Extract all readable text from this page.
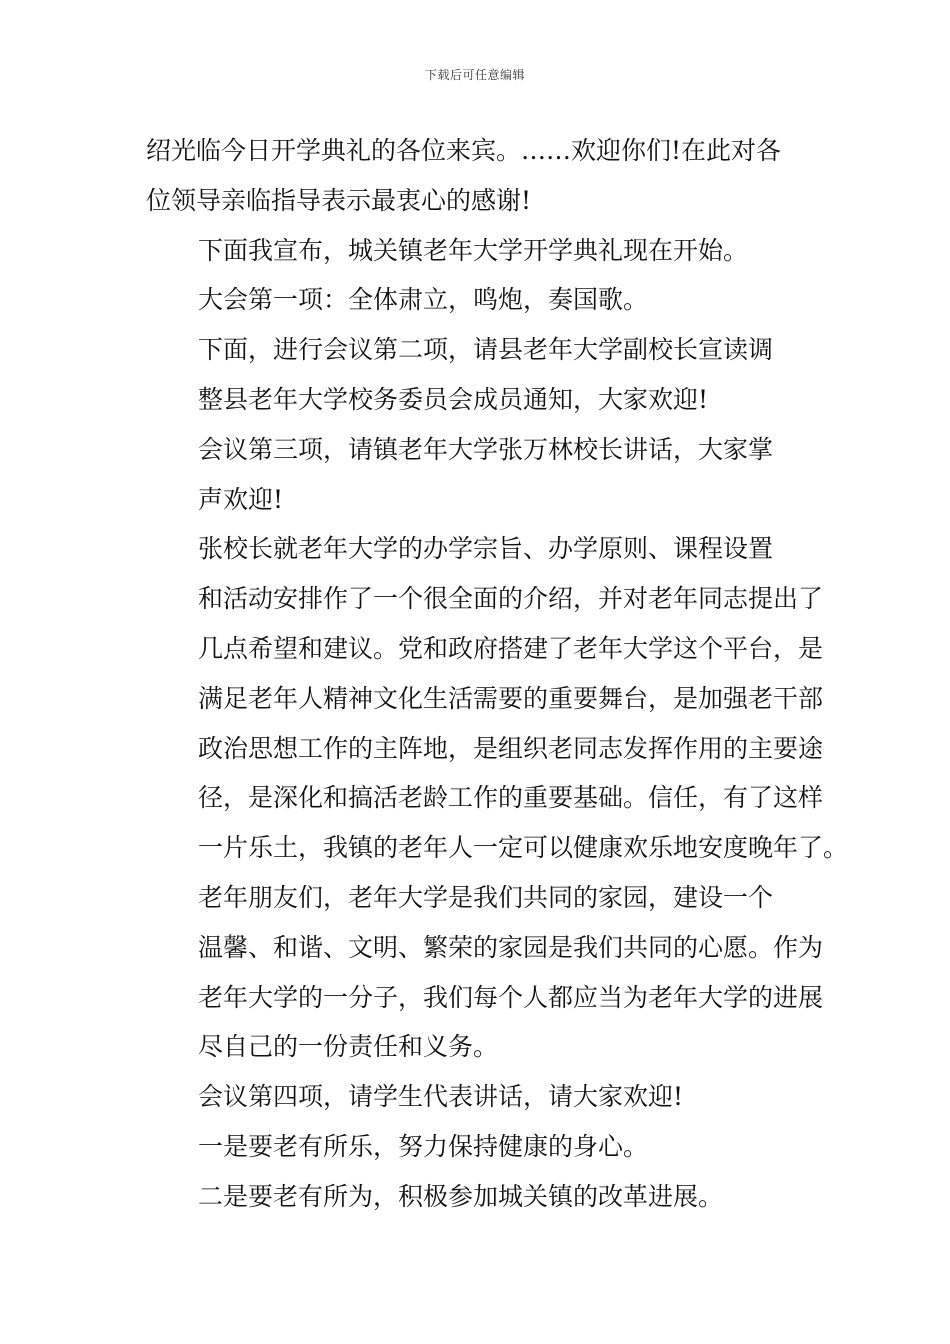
下载后可任意编辑

绍光临今日开学典礼的各位来宾。……欢迎你们!在此对各
位领导亲临指导表示最衷心的感谢!

下面我宣布，城关镇老年大学开学典礼现在开始。

大会第一项：全体肃立，鸣炮，奏国歌。

下面，进行会议第二项，请县老年大学副校长宣读调
整县老年大学校务委员会成员通知，大家欢迎!

会议第三项，请镇老年大学张万林校长讲话，大家掌
声欢迎!

张校长就老年大学的办学宗旨、办学原则、课程设置
和活动安排作了一个很全面的介绍，并对老年同志提出了
几点希望和建议。党和政府搭建了老年大学这个平台，是
满足老年人精神文化生活需要的重要舞台，是加强老干部
政治思想工作的主阵地，是组织老同志发挥作用的主要途
径，是深化和搞活老龄工作的重要基础。信任，有了这样
一片乐土，我镇的老年人一定可以健康欢乐地安度晚年了。

老年朋友们，老年大学是我们共同的家园，建设一个
温馨、和谐、文明、繁荣的家园是我们共同的心愿。作为
老年大学的一分子，我们每个人都应当为老年大学的进展
尽自己的一份责任和义务。

会议第四项，请学生代表讲话，请大家欢迎!

一是要老有所乐，努力保持健康的身心。

二是要老有所为，积极参加城关镇的改革进展。
